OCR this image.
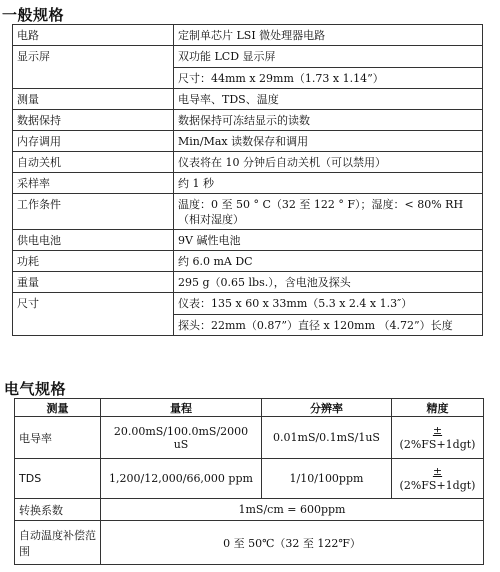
一般规格
电路	定制单芯片 LSI 微处理器电路
显示屏	双功能 LCD 显示屏
尺寸：44mm x 29mm（1.73 x 1.14”）

测量	电导率、TDS、温度
数据保持	数据保持可冻结显示的读数
内存调用	Min/Max 读数保存和调用
自动关机	仪表将在 10 分钟后自动关机（可以禁用）
采样率	约 1 秒
工作条件	温度：0 至 50 ° C（32 至 122 ° F）；湿度：< 80% RH
（相对湿度）

供电电池	9V 碱性电池
功耗	约 6.0 mA DC
重量	295 g（0.65 lbs.），含电池及探头
尺寸	仪表：135 x 60 x 33mm（5.3 x 2.4 x 1.3″）
探头：22mm（0.87”）直径 x 120mm （4.72”）长度
电气规格
测量	量程	分辨率	精度
电导率	20.00mS/100.0mS/2000 uS	0.01mS/0.1mS/1uS	±
(2%FS+1dgt)
TDS	1,200/12,000/66,000 ppm	1/10/100ppm	±
(2%FS+1dgt)
转换系数	1mS/cm = 600ppm		
自动温度补偿范围	0 至 50℃（32 至 122℉）		
